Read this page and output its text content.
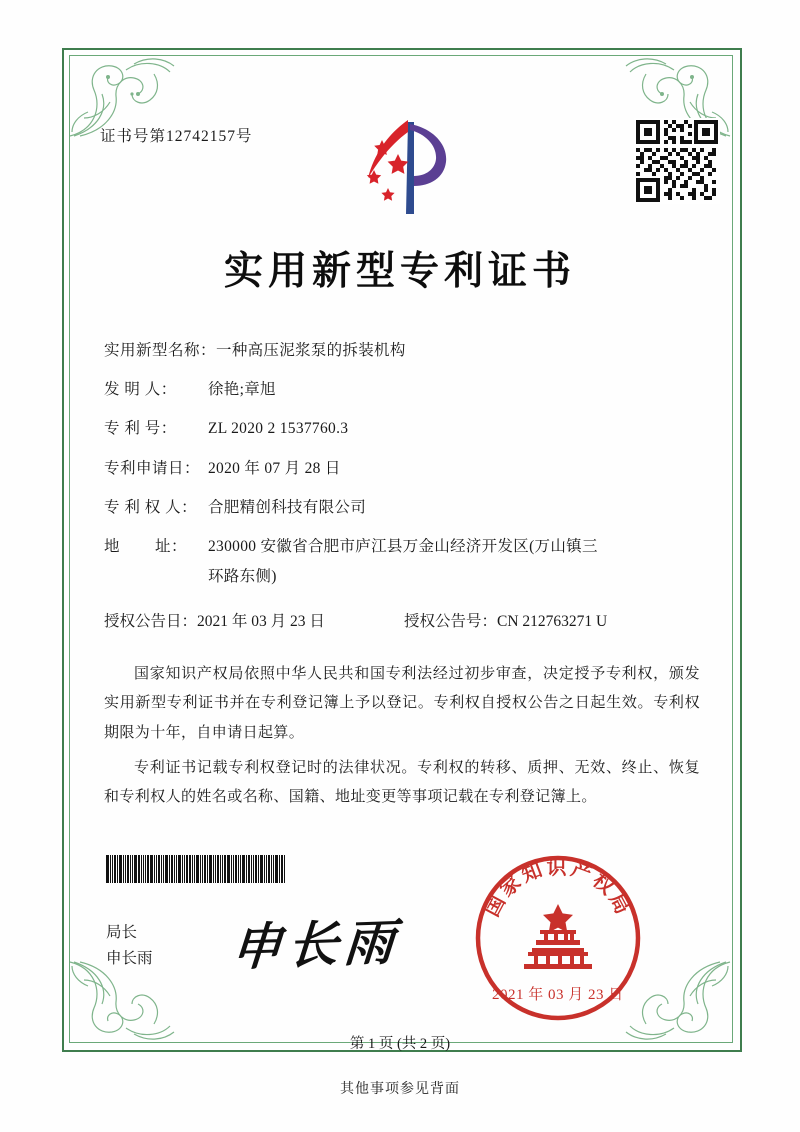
证书号第12742157号
实用新型专利证书
实用新型名称： 一种高压泥浆泵的拆装机构
发 明 人：	徐艳;章旭
专 利 号：	ZL 2020 2 1537760.3
专利申请日： 2020 年 07 月 28 日
专 利 权 人： 合肥精创科技有限公司
地        址：	230000 安徽省合肥市庐江县万金山经济开发区(万山镇三
环路东侧)
授权公告日：2021 年 03 月 23 日	授权公告号：CN 212763271 U

国家知识产权局依照中华人民共和国专利法经过初步审查，决定授予专利权，颁发实用新型专利证书并在专利登记簿上予以登记。专利权自授权公告之日起生效。专利权期限为十年，自申请日起算。

专利证书记载专利权登记时的法律状况。专利权的转移、质押、无效、终止、恢复和专利权人的姓名或名称、国籍、地址变更等事项记载在专利登记簿上。

局长
申长雨 申长雨
国家知识产权局
2021 年 03 月 23 日
第 1 页 (共 2 页)
其他事项参见背面
